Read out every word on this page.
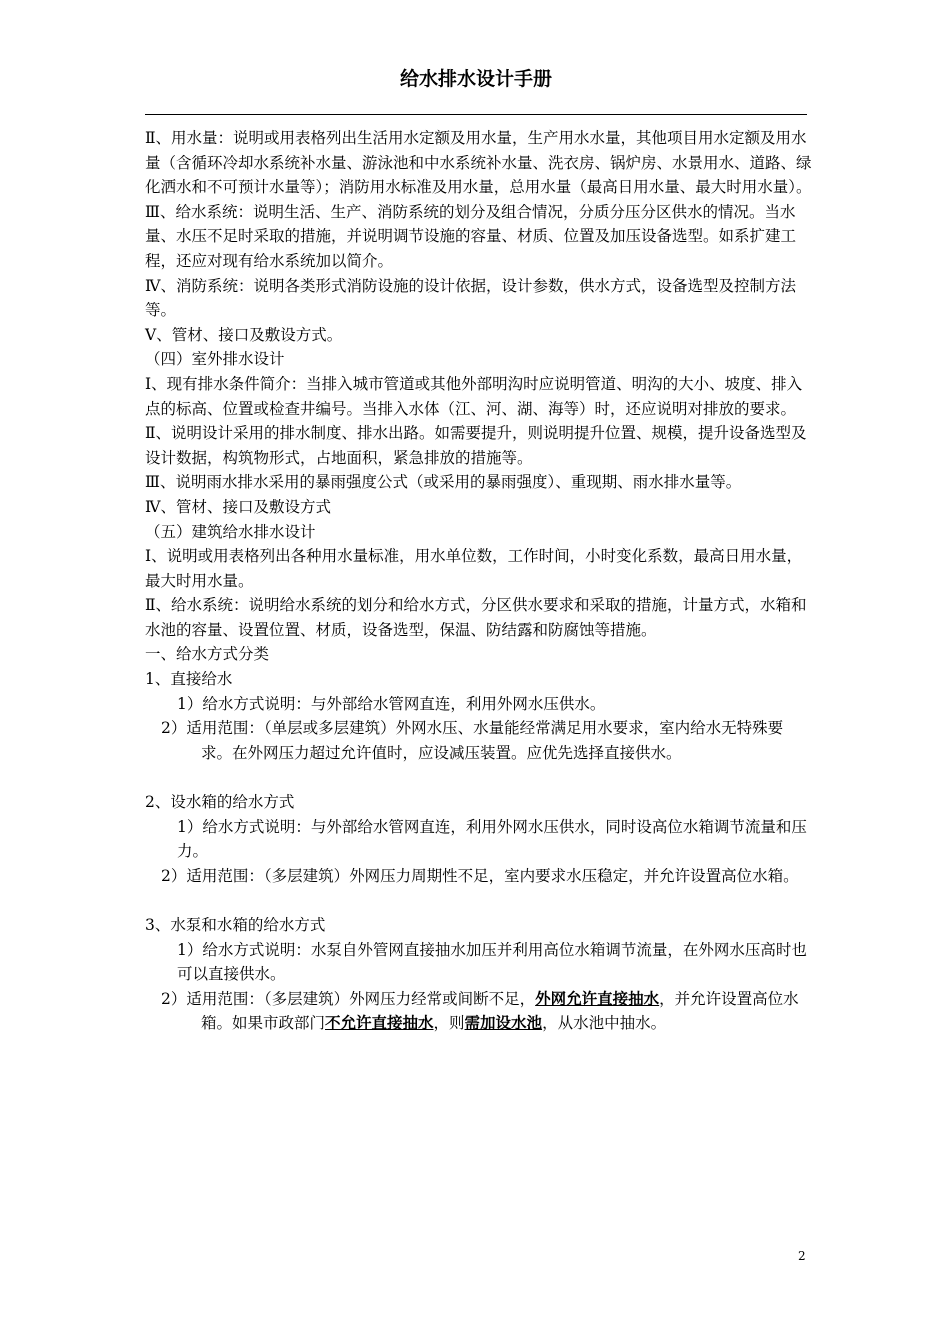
给水排水设计手册

Ⅱ、用水量：说明或用表格列出生活用水定额及用水量，生产用水水量，其他项目用水定额及用水量（含循环冷却水系统补水量、游泳池和中水系统补水量、洗衣房、锅炉房、水景用水、道路、绿化洒水和不可预计水量等）；消防用水标准及用水量，总用水量（最高日用水量、最大时用水量）。

Ⅲ、给水系统：说明生活、生产、消防系统的划分及组合情况，分质分压分区供水的情况。当水量、水压不足时采取的措施，并说明调节设施的容量、材质、位置及加压设备选型。如系扩建工程，还应对现有给水系统加以简介。

Ⅳ、消防系统：说明各类形式消防设施的设计依据，设计参数，供水方式，设备选型及控制方法等。

Ⅴ、管材、接口及敷设方式。

（四）室外排水设计

Ⅰ、现有排水条件简介：当排入城市管道或其他外部明沟时应说明管道、明沟的大小、坡度、排入点的标高、位置或检查井编号。当排入水体（江、河、湖、海等）时，还应说明对排放的要求。

Ⅱ、说明设计采用的排水制度、排水出路。如需要提升，则说明提升位置、规模，提升设备选型及设计数据，构筑物形式，占地面积，紧急排放的措施等。

Ⅲ、说明雨水排水采用的暴雨强度公式（或采用的暴雨强度）、重现期、雨水排水量等。

Ⅳ、管材、接口及敷设方式

（五）建筑给水排水设计

Ⅰ、说明或用表格列出各种用水量标准，用水单位数，工作时间，小时变化系数，最高日用水量，最大时用水量。

Ⅱ、给水系统：说明给水系统的划分和给水方式，分区供水要求和采取的措施，计量方式，水箱和水池的容量、设置位置、材质，设备选型，保温、防结露和防腐蚀等措施。

一、给水方式分类

1、直接给水

1）给水方式说明：与外部给水管网直连，利用外网水压供水。

2）适用范围：（单层或多层建筑）外网水压、水量能经常满足用水要求，室内给水无特殊要求。在外网压力超过允许值时，应设减压装置。应优先选择直接供水。

2、设水箱的给水方式

1）给水方式说明：与外部给水管网直连，利用外网水压供水，同时设高位水箱调节流量和压力。

2）适用范围：（多层建筑）外网压力周期性不足，室内要求水压稳定，并允许设置高位水箱。

3、水泵和水箱的给水方式

1）给水方式说明：水泵自外管网直接抽水加压并利用高位水箱调节流量，在外网水压高时也可以直接供水。

2）适用范围：（多层建筑）外网压力经常或间断不足，外网允许直接抽水，并允许设置高位水箱。如果市政部门不允许直接抽水，则需加设水池，从水池中抽水。

2
